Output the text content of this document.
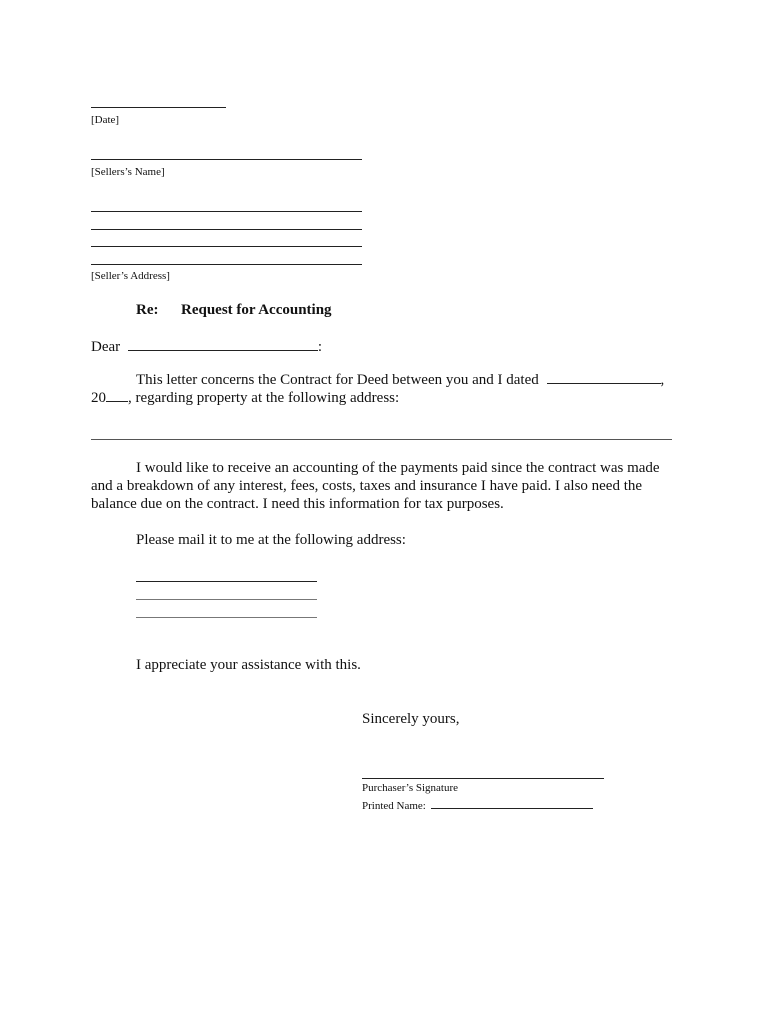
[Date]
[Sellers’s Name]
[Seller’s Address]
Re: Request for Accounting
Dear	:
This letter concerns the Contract for Deed between you and I dated	,
20 , regarding property at the following address:
I would like to receive an accounting of the payments paid since the contract was made
and a breakdown of any interest, fees, costs, taxes and insurance I have paid. I also need the
balance due on the contract. I need this information for tax purposes.
Please mail it to me at the following address:
I appreciate your assistance with this.
Sincerely yours,
Purchaser’s Signature
Printed Name:
